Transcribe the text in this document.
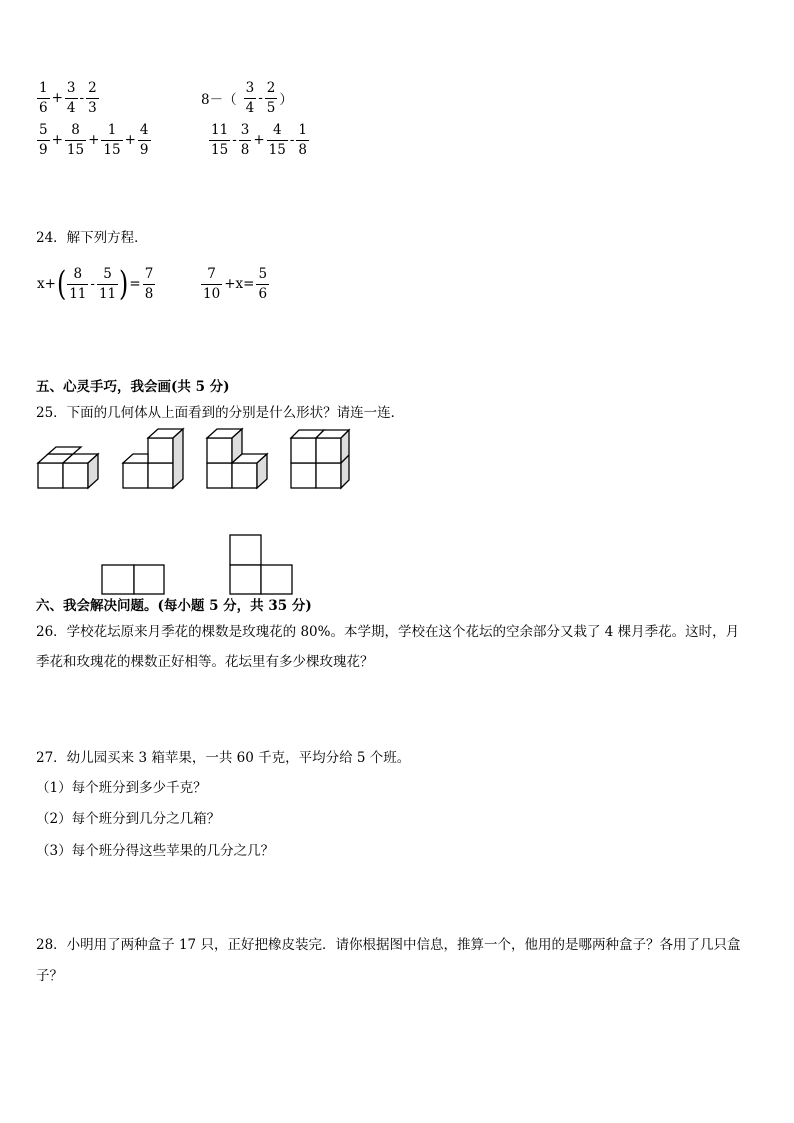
$\frac{1}{6} + \frac{3}{4} - \frac{2}{3}$	$8-( \frac{3}{4} - \frac{2}{5}$ ）
$\frac{5}{9} + \frac{8}{15} + \frac{1}{15} + \frac{4}{9}$	$\frac{11}{15} - \frac{3}{8} + \frac{4}{15} - \frac{1}{8}$
24．解下列方程．
x+ ( $\frac{8}{11} - \frac{5}{11}$ ) = $\frac{7}{8}$	$\frac{7}{10} +x= \frac{5}{6}$
五、心灵手巧，我会画(共 5 分)
25．下面的几何体从上面看到的分别是什么形状？请连一连．
六、我会解决问题。(每小题 5 分，共 35 分)
26．学校花坛原来月季花的棵数是玫瑰花的 80%。本学期，学校在这个花坛的空余部分又栽了 4 棵月季花。这时，月
季花和玫瑰花的棵数正好相等。花坛里有多少棵玫瑰花？
27．幼儿园买来 3 箱苹果，一共 60 千克，平均分给 5 个班。
（1）每个班分到多少千克？
（2）每个班分到几分之几箱？
（3）每个班分得这些苹果的几分之几？
28．小明用了两种盒子 17 只，正好把橡皮装完．请你根据图中信息，推算一个，他用的是哪两种盒子？各用了几只盒
子？
